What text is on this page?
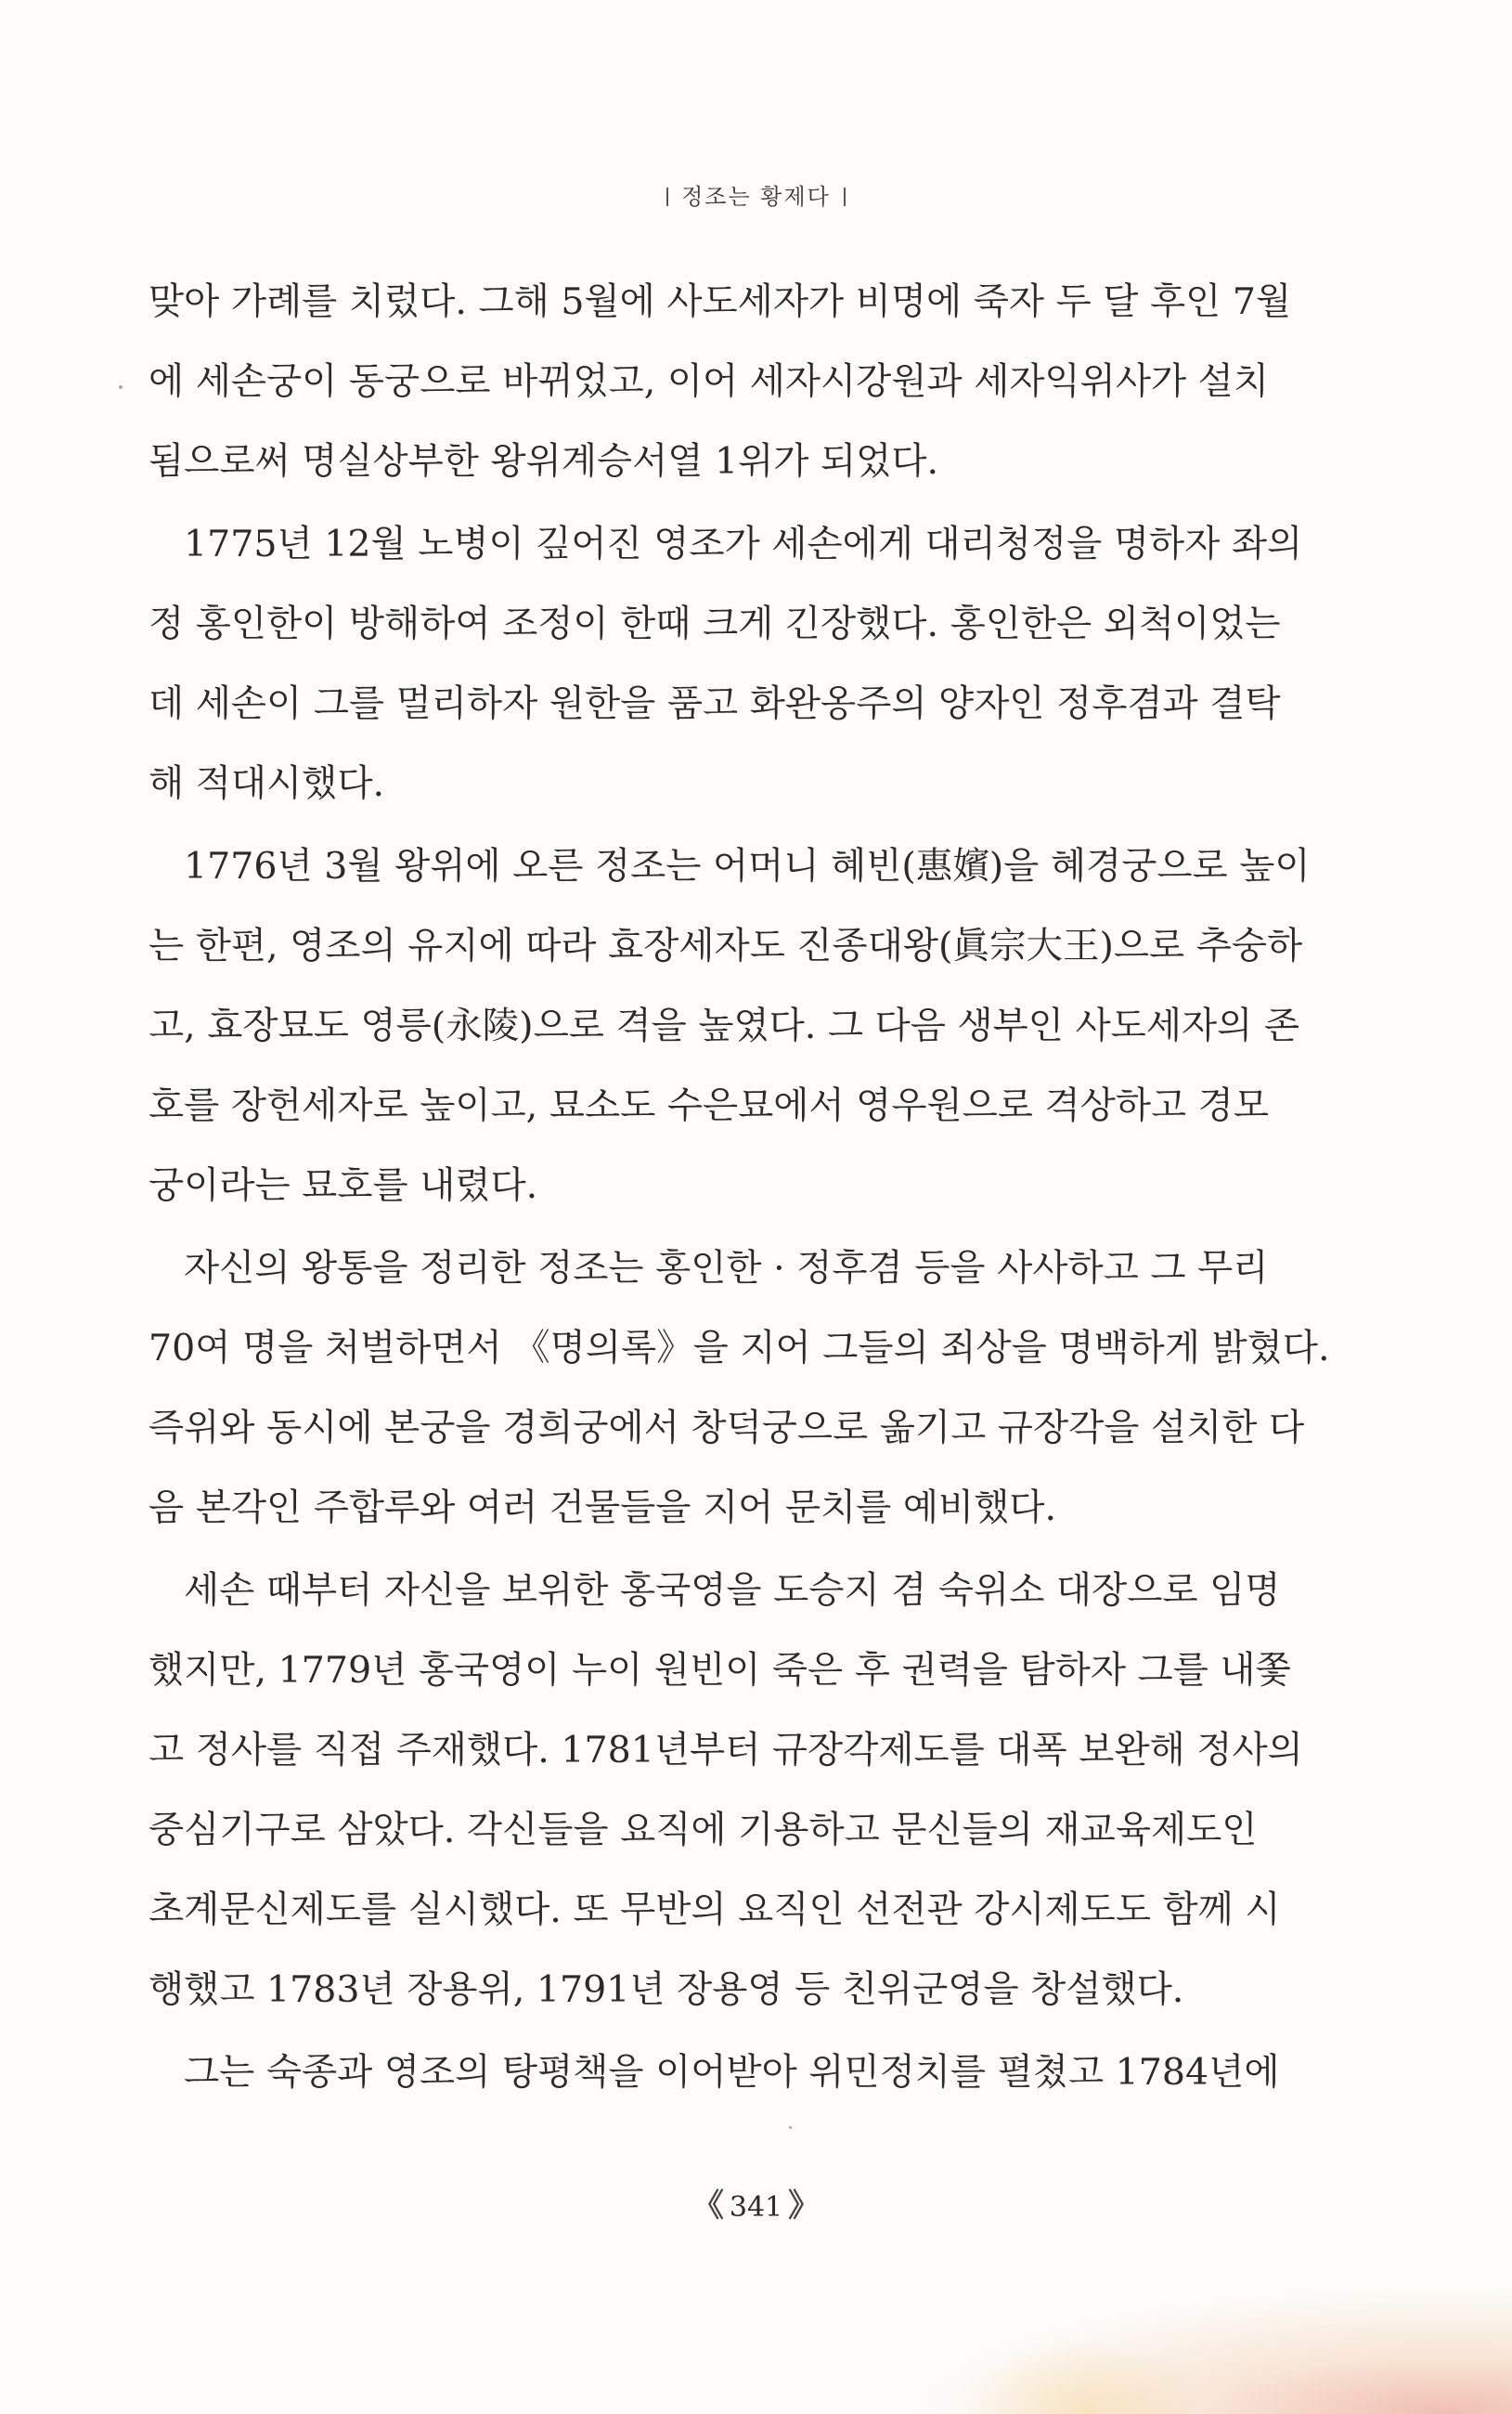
정조는 황제다
맞아 가례를 치렀다. 그해 5월에 사도세자가 비명에 죽자 두 달 후인 7월
에 세손궁이 동궁으로 바뀌었고, 이어 세자시강원과 세자익위사가 설치
됨으로써 명실상부한 왕위계승서열 1위가 되었다.
1775년 12월 노병이 깊어진 영조가 세손에게 대리청정을 명하자 좌의
정 홍인한이 방해하여 조정이 한때 크게 긴장했다. 홍인한은 외척이었는
데 세손이 그를 멀리하자 원한을 품고 화완옹주의 양자인 정후겸과 결탁
해 적대시했다.
1776년 3월 왕위에 오른 정조는 어머니 혜빈(惠嬪)을 혜경궁으로 높이
는 한편, 영조의 유지에 따라 효장세자도 진종대왕(眞宗大王)으로 추숭하
고, 효장묘도 영릉(永陵)으로 격을 높였다. 그 다음 생부인 사도세자의 존
호를 장헌세자로 높이고, 묘소도 수은묘에서 영우원으로 격상하고 경모
궁이라는 묘호를 내렸다.
자신의 왕통을 정리한 정조는 홍인한 · 정후겸 등을 사사하고 그 무리
70여 명을 처벌하면서 《명의록》을 지어 그들의 죄상을 명백하게 밝혔다.
즉위와 동시에 본궁을 경희궁에서 창덕궁으로 옮기고 규장각을 설치한 다
음 본각인 주합루와 여러 건물들을 지어 문치를 예비했다.
세손 때부터 자신을 보위한 홍국영을 도승지 겸 숙위소 대장으로 임명
했지만, 1779년 홍국영이 누이 원빈이 죽은 후 권력을 탐하자 그를 내쫓
고 정사를 직접 주재했다. 1781년부터 규장각제도를 대폭 보완해 정사의
중심기구로 삼았다. 각신들을 요직에 기용하고 문신들의 재교육제도인
초계문신제도를 실시했다. 또 무반의 요직인 선전관 강시제도도 함께 시
행했고 1783년 장용위, 1791년 장용영 등 친위군영을 창설했다.
그는 숙종과 영조의 탕평책을 이어받아 위민정치를 펼쳤고 1784년에
《 341 》
